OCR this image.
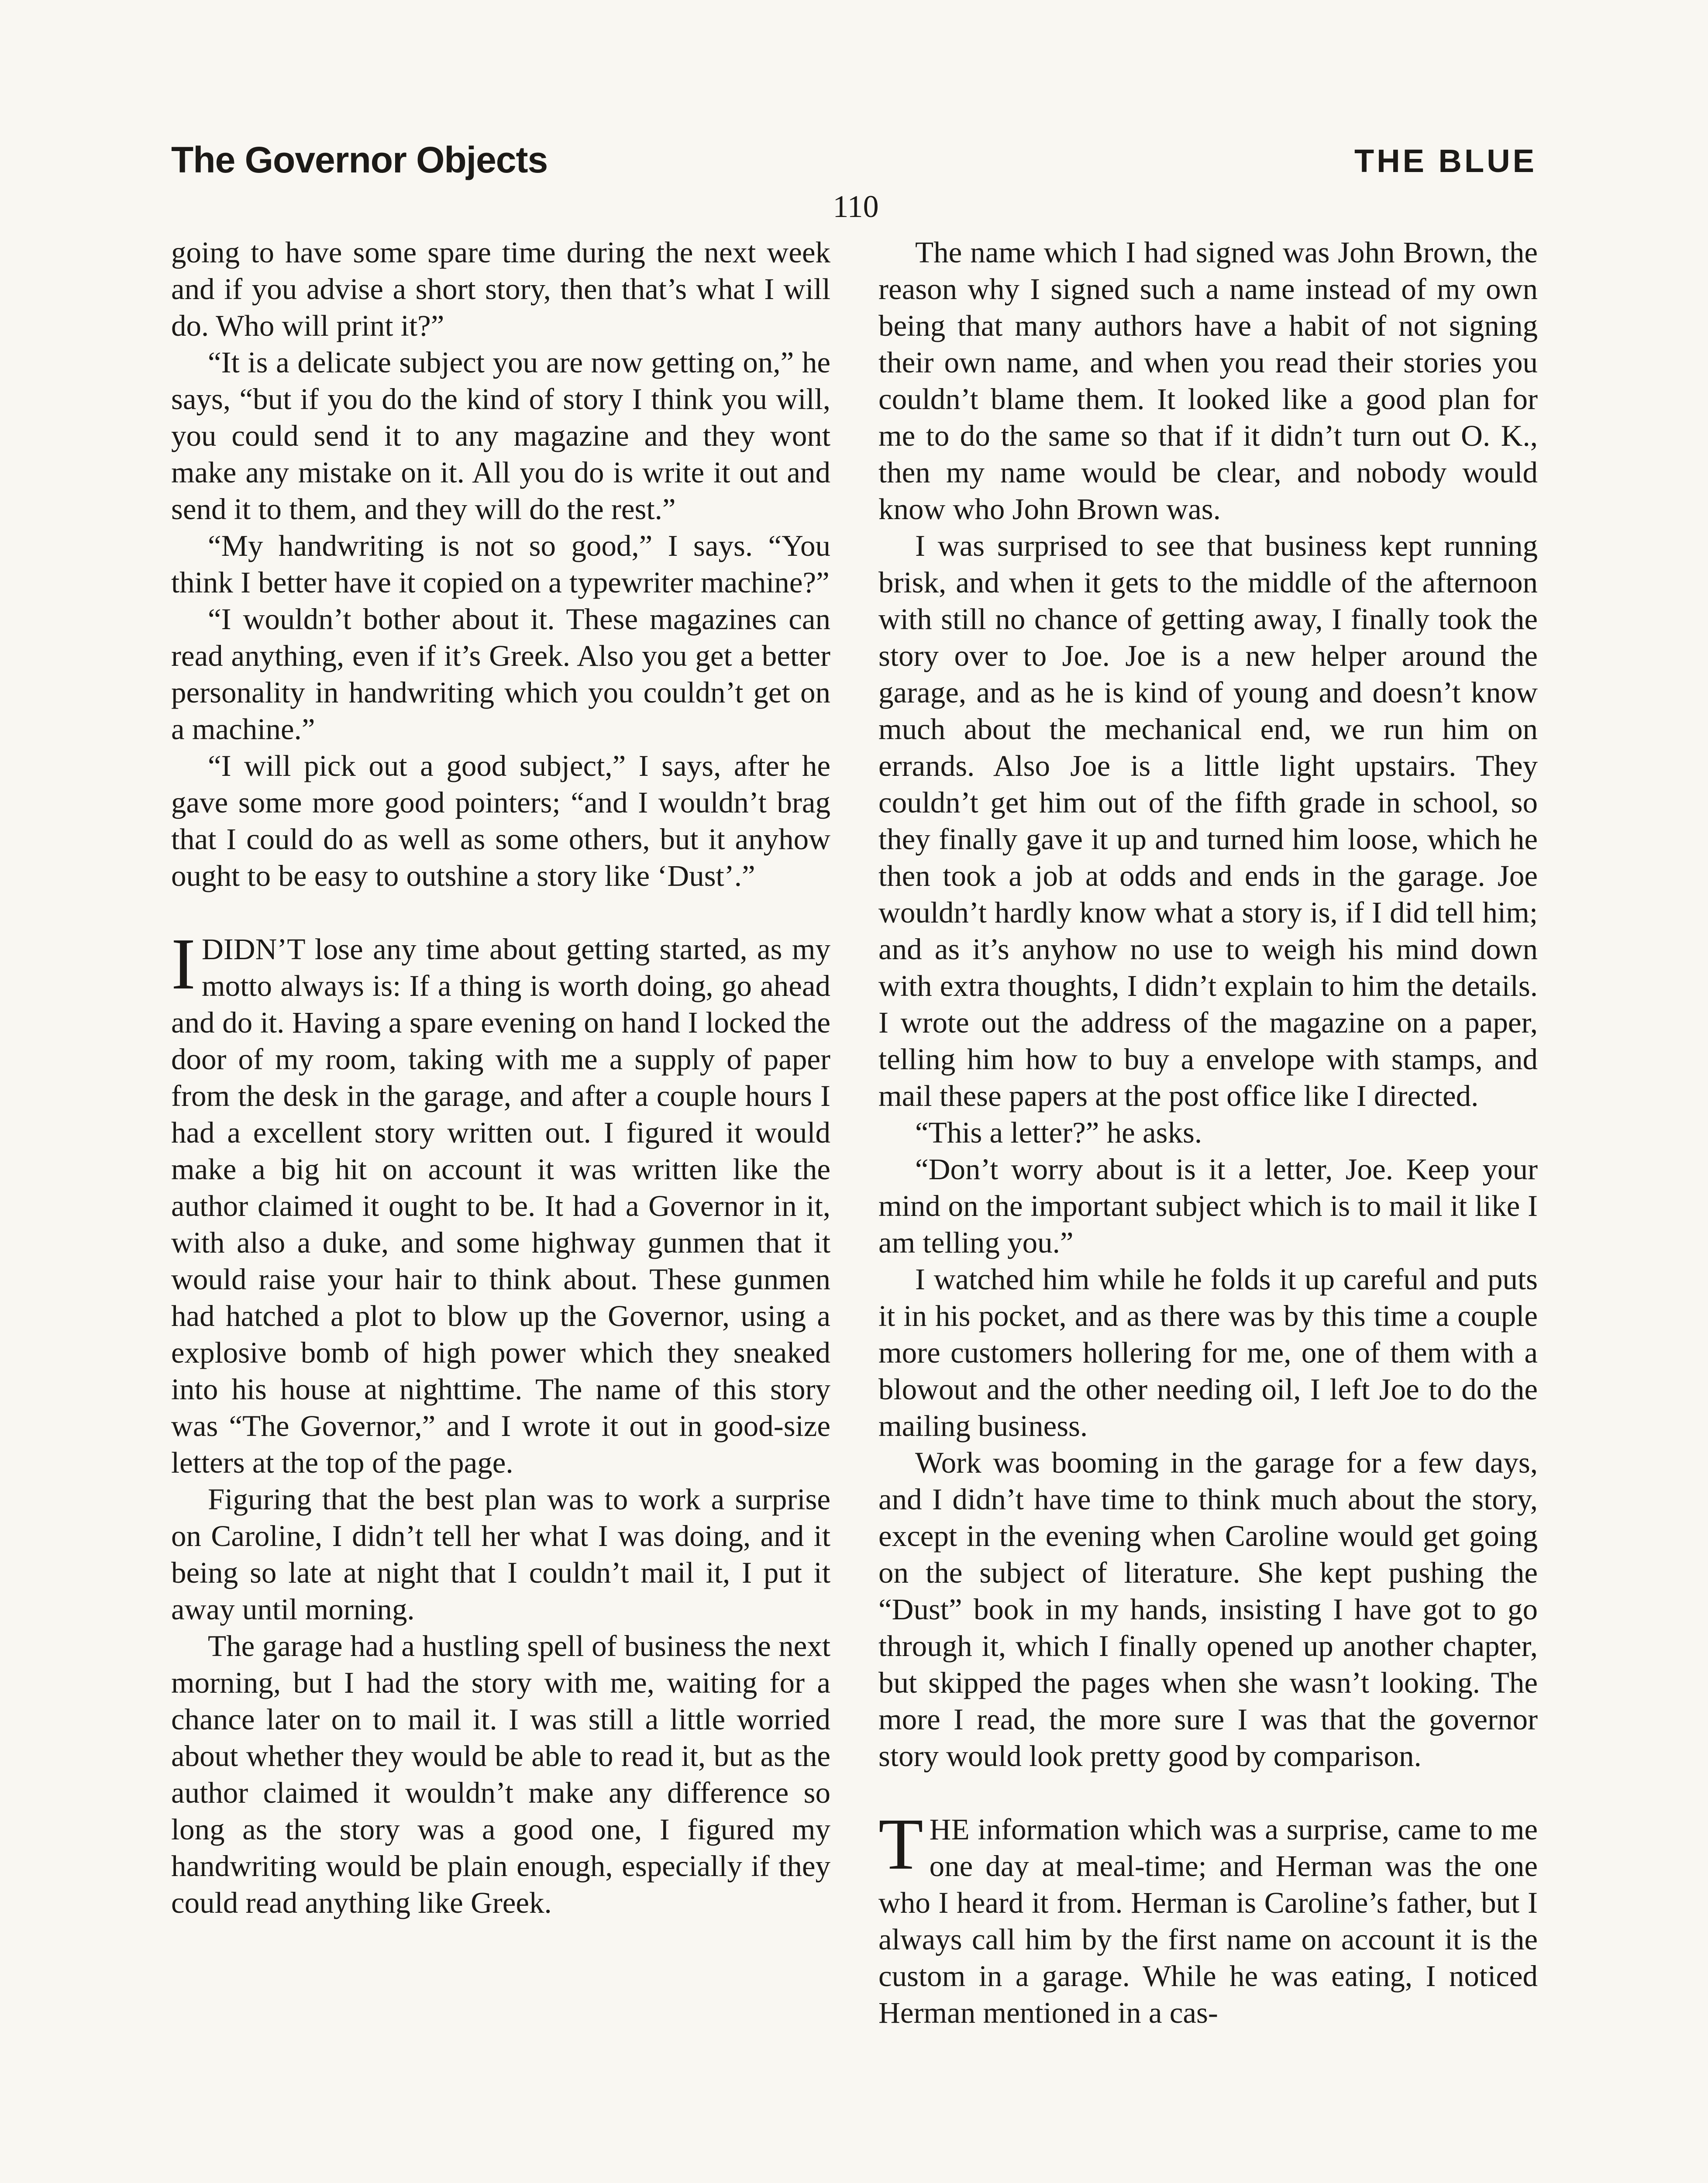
The Governor Objects	THE BLUE
110

going to have some spare time during the next week and if you advise a short story, then that’s what I will do. Who will print it?”

“It is a delicate subject you are now getting on,” he says, “but if you do the kind of story I think you will, you could send it to any magazine and they wont make any mistake on it. All you do is write it out and send it to them, and they will do the rest.”

“My handwriting is not so good,” I says. “You think I better have it copied on a typewriter machine?”

“I wouldn’t bother about it. These magazines can read anything, even if it’s Greek. Also you get a better personality in handwriting which you couldn’t get on a machine.”

“I will pick out a good subject,” I says, after he gave some more good pointers; “and I wouldn’t brag that I could do as well as some others, but it anyhow ought to be easy to outshine a story like ‘Dust’.”

IDIDN’T lose any time about getting started, as my motto always is: If a thing is worth doing, go ahead and do it. Having a spare evening on hand I locked the door of my room, taking with me a supply of paper from the desk in the garage, and after a couple hours I had a excellent story written out. I figured it would make a big hit on account it was written like the author claimed it ought to be. It had a Governor in it, with also a duke, and some highway gunmen that it would raise your hair to think about. These gunmen had hatched a plot to blow up the Governor, using a explosive bomb of high power which they sneaked into his house at nighttime. The name of this story was “The Governor,” and I wrote it out in good-size letters at the top of the page.

Figuring that the best plan was to work a surprise on Caroline, I didn’t tell her what I was doing, and it being so late at night that I couldn’t mail it, I put it away until morning.

The garage had a hustling spell of business the next morning, but I had the story with me, waiting for a chance later on to mail it. I was still a little worried about whether they would be able to read it, but as the author claimed it wouldn’t make any difference so long as the story was a good one, I figured my handwriting would be plain enough, especially if they could read anything like Greek.

The name which I had signed was John Brown, the reason why I signed such a name instead of my own being that many authors have a habit of not signing their own name, and when you read their stories you couldn’t blame them. It looked like a good plan for me to do the same so that if it didn’t turn out O. K., then my name would be clear, and nobody would know who John Brown was.

I was surprised to see that business kept running brisk, and when it gets to the middle of the afternoon with still no chance of getting away, I finally took the story over to Joe. Joe is a new helper around the garage, and as he is kind of young and doesn’t know much about the mechanical end, we run him on errands. Also Joe is a little light upstairs. They couldn’t get him out of the fifth grade in school, so they finally gave it up and turned him loose, which he then took a job at odds and ends in the garage. Joe wouldn’t hardly know what a story is, if I did tell him; and as it’s anyhow no use to weigh his mind down with extra thoughts, I didn’t explain to him the details. I wrote out the address of the magazine on a paper, telling him how to buy a envelope with stamps, and mail these papers at the post office like I directed.

“This a letter?” he asks.

“Don’t worry about is it a letter, Joe. Keep your mind on the important subject which is to mail it like I am telling you.”

I watched him while he folds it up careful and puts it in his pocket, and as there was by this time a couple more customers hollering for me, one of them with a blowout and the other needing oil, I left Joe to do the mailing business.

Work was booming in the garage for a few days, and I didn’t have time to think much about the story, except in the evening when Caroline would get going on the subject of literature. She kept pushing the “Dust” book in my hands, insisting I have got to go through it, which I finally opened up another chapter, but skipped the pages when she wasn’t looking. The more I read, the more sure I was that the governor story would look pretty good by comparison.

THE information which was a surprise, came to me one day at meal-time; and Herman was the one who I heard it from. Herman is Caroline’s father, but I always call him by the first name on account it is the custom in a garage. While he was eating, I noticed Herman mentioned in a cas-
